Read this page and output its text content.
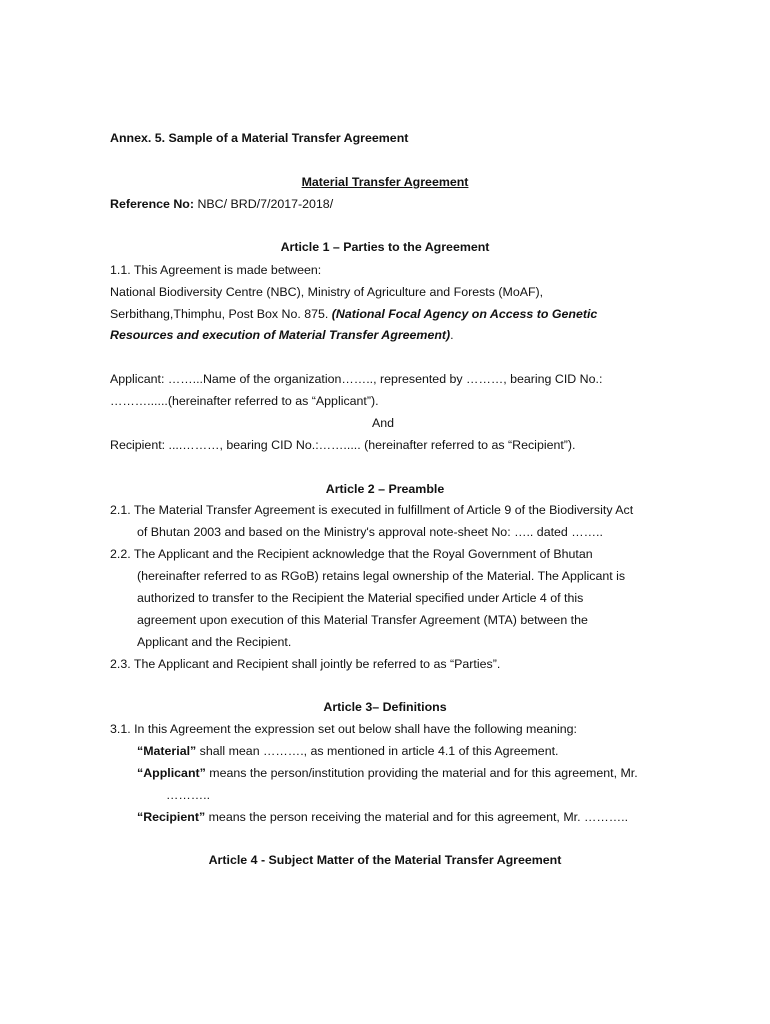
Annex. 5. Sample of a Material Transfer Agreement
Material Transfer Agreement
Reference No: NBC/ BRD/7/2017-2018/
Article 1 – Parties to the Agreement
1.1. This Agreement is made between:
National Biodiversity Centre (NBC), Ministry of Agriculture and Forests (MoAF),
Serbithang,Thimphu, Post Box No. 875. (National Focal Agency on Access to Genetic
Resources and execution of Material Transfer Agreement).
Applicant: ……...Name of the organization…….., represented by ………, bearing CID No.:
………......(hereinafter referred to as “Applicant”).
And
Recipient: ....………, bearing CID No.:……..... (hereinafter referred to as “Recipient”).
Article 2 – Preamble
2.1. The Material Transfer Agreement is executed in fulfillment of Article 9 of the Biodiversity Act
of Bhutan 2003 and based on the Ministry's approval note-sheet No: ….. dated ……..
2.2. The Applicant and the Recipient acknowledge that the Royal Government of Bhutan
(hereinafter referred to as RGoB) retains legal ownership of the Material. The Applicant is
authorized to transfer to the Recipient the Material specified under Article 4 of this
agreement upon execution of this Material Transfer Agreement (MTA) between the
Applicant and the Recipient.
2.3. The Applicant and Recipient shall jointly be referred to as “Parties”.
Article 3– Definitions
3.1. In this Agreement the expression set out below shall have the following meaning:
“Material” shall mean ………., as mentioned in article 4.1 of this Agreement.
“Applicant” means the person/institution providing the material and for this agreement, Mr.
………..
“Recipient” means the person receiving the material and for this agreement, Mr. ………..
Article 4 - Subject Matter of the Material Transfer Agreement
